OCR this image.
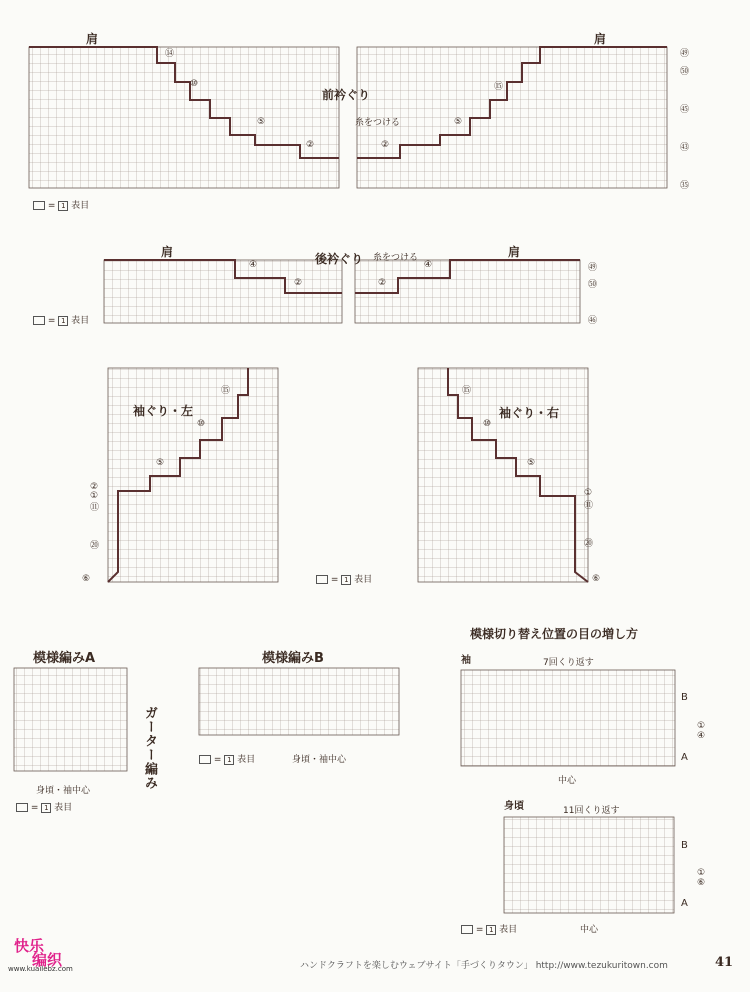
肩	肩
前衿ぐり
糸をつける
⑭
⑩
⑤
②
⑮
⑤
②
㊾
㊿
㊺
㊸
㉟
= 1 表目
肩	肩
後衿ぐり 糸をつける
④
②	②
④	㊾
㊿
㊻
= 1 表目
袖ぐり・左	袖ぐり・右
⑮
⑩
⑤
②
①
⑪
⑳
⑥
⑮
⑩
⑤
①
⑪
⑳
⑥
= 1 表目
模様編みA
ガーター編み
身頃・袖中心
= 1 表目
模様編みB
身頃・袖中心
= 1 表目
模様切り替え位置の目の増し方
袖	7回くり返す
中心
B
A
①
④
身頃	11回くり返す
中心
B
A
①
⑥
= 1 表目
ハンドクラフトを楽しむウェブサイト「手づくりタウン」 http://www.tezukuritown.com	41
快乐
编织
www.kuailebz.com
